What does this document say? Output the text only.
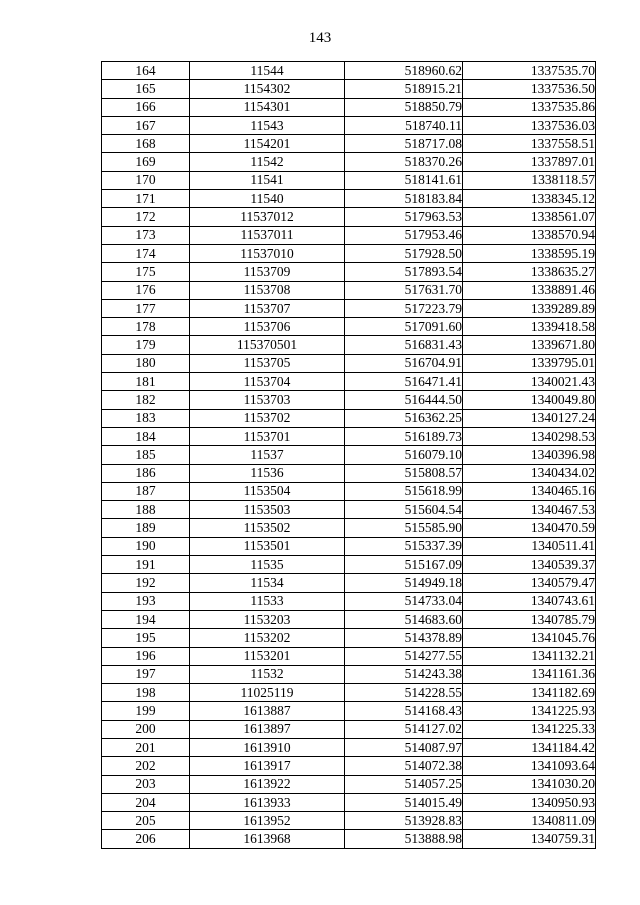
143
164	11544	518960.62	1337535.70
165	1154302	518915.21	1337536.50
166	1154301	518850.79	1337535.86
167	11543	518740.11	1337536.03
168	1154201	518717.08	1337558.51
169	11542	518370.26	1337897.01
170	11541	518141.61	1338118.57
171	11540	518183.84	1338345.12
172	11537012	517963.53	1338561.07
173	11537011	517953.46	1338570.94
174	11537010	517928.50	1338595.19
175	1153709	517893.54	1338635.27
176	1153708	517631.70	1338891.46
177	1153707	517223.79	1339289.89
178	1153706	517091.60	1339418.58
179	115370501	516831.43	1339671.80
180	1153705	516704.91	1339795.01
181	1153704	516471.41	1340021.43
182	1153703	516444.50	1340049.80
183	1153702	516362.25	1340127.24
184	1153701	516189.73	1340298.53
185	11537	516079.10	1340396.98
186	11536	515808.57	1340434.02
187	1153504	515618.99	1340465.16
188	1153503	515604.54	1340467.53
189	1153502	515585.90	1340470.59
190	1153501	515337.39	1340511.41
191	11535	515167.09	1340539.37
192	11534	514949.18	1340579.47
193	11533	514733.04	1340743.61
194	1153203	514683.60	1340785.79
195	1153202	514378.89	1341045.76
196	1153201	514277.55	1341132.21
197	11532	514243.38	1341161.36
198	11025119	514228.55	1341182.69
199	1613887	514168.43	1341225.93
200	1613897	514127.02	1341225.33
201	1613910	514087.97	1341184.42
202	1613917	514072.38	1341093.64
203	1613922	514057.25	1341030.20
204	1613933	514015.49	1340950.93
205	1613952	513928.83	1340811.09
206	1613968	513888.98	1340759.31
